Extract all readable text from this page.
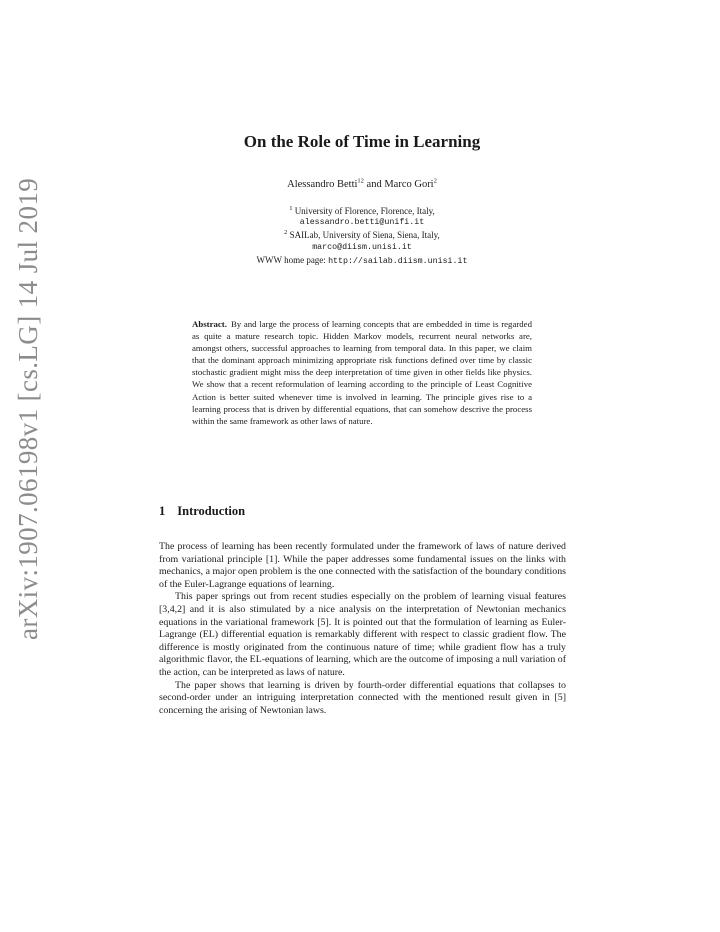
arXiv:1907.06198v1 [cs.LG] 14 Jul 2019
On the Role of Time in Learning
Alessandro Betti$^{12}$ and Marco Gori$^2$
$^1$ University of Florence, Florence, Italy,
alessandro.betti@unifi.it
$^2$ SAILab, University of Siena, Siena, Italy,
marco@diism.unisi.it
WWW home page: http://sailab.diism.unisi.it

Abstract. By and large the process of learning concepts that are embedded in time is regarded as quite a mature research topic. Hidden Markov models, recurrent neural networks are, amongst others, successful approaches to learning from temporal data. In this paper, we claim that the dominant approach minimizing appropriate risk functions defined over time by classic stochastic gradient might miss the deep interpretation of time given in other fields like physics. We show that a recent reformulation of learning according to the principle of Least Cognitive Action is better suited whenever time is involved in learning. The principle gives rise to a learning process that is driven by differential equations, that can somehow descrive the process within the same framework as other laws of nature.

1 Introduction

The process of learning has been recently formulated under the framework of laws of nature derived from variational principle [1]. While the paper addresses some fundamental issues on the links with mechanics, a major open problem is the one connected with the satisfaction of the boundary conditions of the Euler-Lagrange equations of learning.

This paper springs out from recent studies especially on the problem of learning visual features [3,4,2] and it is also stimulated by a nice analysis on the interpretation of Newtonian mechanics equations in the variational framework [5]. It is pointed out that the formulation of learning as Euler-Lagrange (EL) differential equation is remarkably different with respect to classic gradient flow. The difference is mostly originated from the continuous nature of time; while gradient flow has a truly algorithmic flavor, the EL-equations of learning, which are the outcome of imposing a null variation of the action, can be interpreted as laws of nature.

The paper shows that learning is driven by fourth-order differential equations that collapses to second-order under an intriguing interpretation connected with the mentioned result given in [5] concerning the arising of Newtonian laws.
